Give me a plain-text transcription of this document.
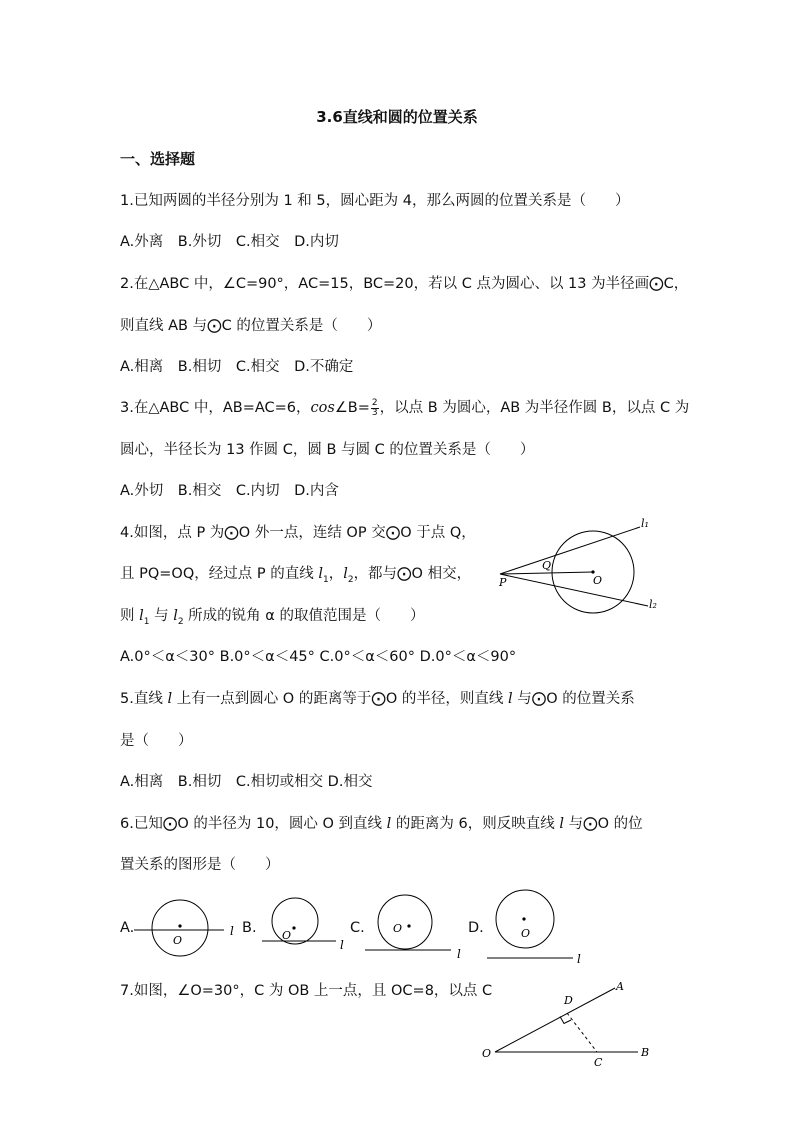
3.6直线和圆的位置关系
一、选择题
1.已知两圆的半径分别为 1 和 5，圆心距为 4，那么两圆的位置关系是（　　）
A.外离　B.外切　C.相交　D.内切
2.在△ABC 中，∠C=90°，AC=15，BC=20，若以 C 点为圆心、以 13 为半径画⨀C，
则直线 AB 与⨀C 的位置关系是（　　）
A.相离　B.相切　C.相交　D.不确定
3.在△ABC 中，AB=AC=6，cos∠B= $\frac{2}{3}$ ，以点 B 为圆心，AB 为半径作圆 B，以点 C 为
圆心，半径长为 13 作圆 C，圆 B 与圆 C 的位置关系是（　　）
A.外切　B.相交　C.内切　D.内含
4.如图，点 P 为⨀O 外一点，连结 OP 交⨀O 于点 Q，
且 PQ=OQ，经过点 P 的直线 $l_1$，$l_2$，都与⨀O 相交，
则 $l_1$ 与 $l_2$ 所成的锐角 α 的取值范围是（　　）
A.0°＜α＜30° B.0°＜α＜45° C.0°＜α＜60° D.0°＜α＜90°
l₁
l₂
O
Q
P
5.直线 l 上有一点到圆心 O 的距离等于⨀O 的半径，则直线 l 与⨀O 的位置关系
是（　　）
A.相离　B.相切　C.相切或相交 D.相交
6.已知⨀O 的半径为 10，圆心 O 到直线 l 的距离为 6，则反映直线 l 与⨀O 的位
置关系的图形是（　　）
A.
O
l B. O
l
C.	O
l
D.	O
l
7.如图，∠O=30°，C 为 OB 上一点，且 OC=8，以点 C	A
B
C
D
O
